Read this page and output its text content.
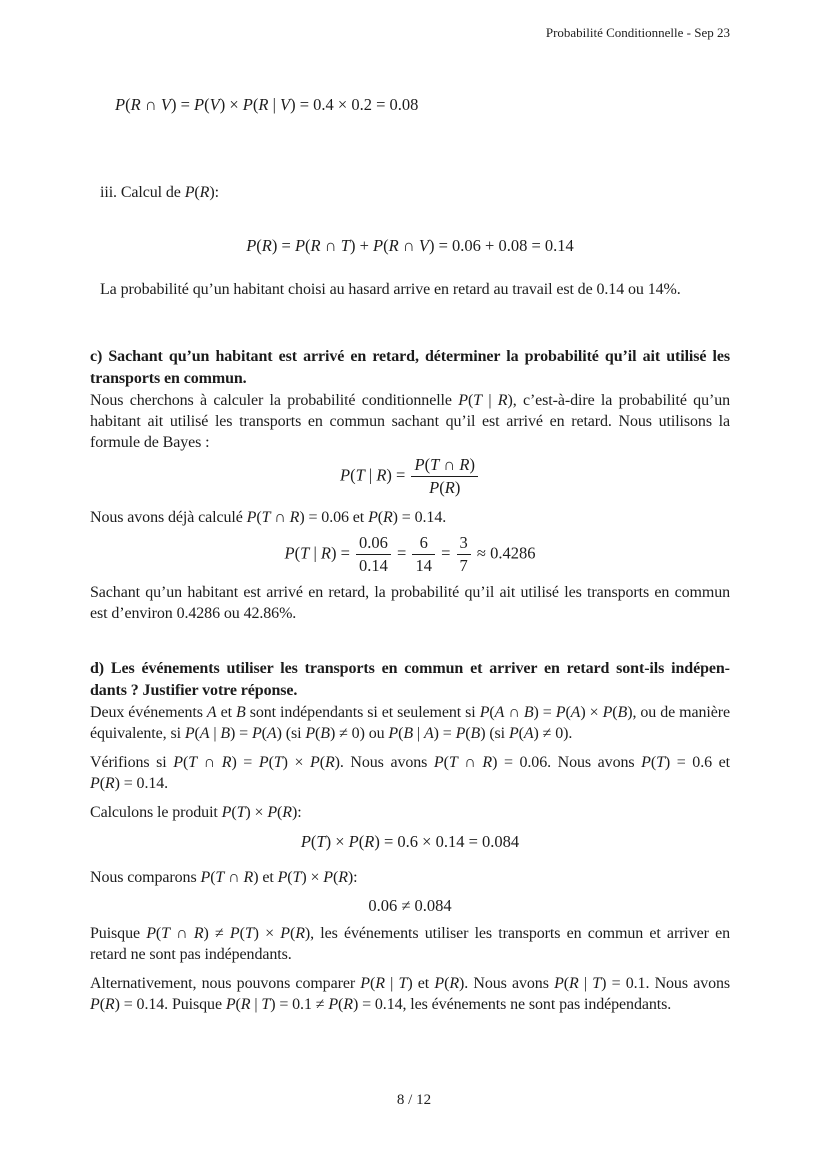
Probabilité Conditionnelle - Sep 23
P(R ∩ V) = P(V) × P(R | V) = 0.4 × 0.2 = 0.08
iii. Calcul de P(R):
P(R) = P(R ∩ T) + P(R ∩ V) = 0.06 + 0.08 = 0.14
La probabilité qu’un habitant choisi au hasard arrive en retard au travail est de 0.14 ou 14%.
c) Sachant qu’un habitant est arrivé en retard, déterminer la probabilité qu’il ait utilisé les transports en commun.
Nous cherchons à calculer la probabilité conditionnelle P(T | R), c’est-à-dire la probabilité qu’un habitant ait utilisé les transports en commun sachant qu’il est arrivé en retard. Nous utilisons la formule de Bayes :
P(T | $R) = \frac{P(T \cap R)}{P(R)}$
Nous avons déjà calculé P(T ∩ R) = 0.06 et P(R) = 0.14.
P(T | $R) = \frac{0.06}{0.14} = \frac{6}{14} = \frac{3}{7} \approx 0.4286$
Sachant qu’un habitant est arrivé en retard, la probabilité qu’il ait utilisé les transports en commun est d’environ 0.4286 ou 42.86%.
d) Les événements utiliser les transports en commun et arriver en retard sont-ils indépendants ? Justifier votre réponse.
Deux événements A et B sont indépendants si et seulement si P(A ∩ B) = P(A) × P(B), ou de manière équivalente, si P(A | B) = P(A) (si P(B) ≠ 0) ou P(B | A) = P(B) (si P(A) ≠ 0).
Vérifions si P(T ∩ R) = P(T) × P(R). Nous avons P(T ∩ R) = 0.06. Nous avons P(T) = 0.6 et P(R) = 0.14.
Calculons le produit P(T) × P(R):
P(T) × P(R) = 0.6 × 0.14 = 0.084
Nous comparons P(T ∩ R) et P(T) × P(R):
0.06 ≠ 0.084
Puisque P(T ∩ R) ≠ P(T) × P(R), les événements utiliser les transports en commun et arriver en retard ne sont pas indépendants.
Alternativement, nous pouvons comparer P(R | T) et P(R). Nous avons P(R | T) = 0.1. Nous avons P(R) = 0.14. Puisque P(R | T) = 0.1 ≠ P(R) = 0.14, les événements ne sont pas indépendants.
8 / 12
